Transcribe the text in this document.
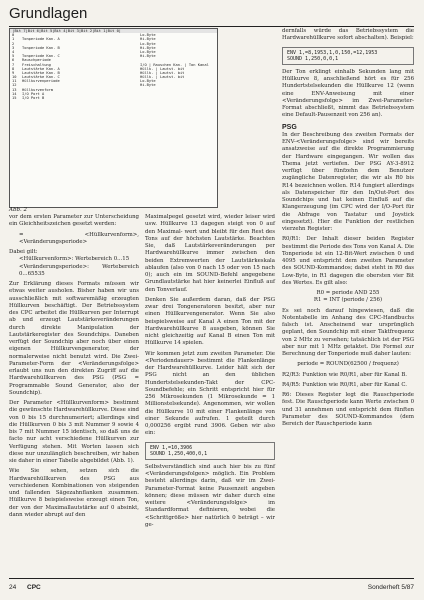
Grundlagen
|Bit 7|Bit 6|Bit 5|Bit 4|Bit 3|Bit 2|Bit 1|Bit 0|
0	Lo-Byte
1 Tonperiode Kan. A	Hi-Byte
2	Lo-Byte
3 Tonperiode Kan. B	Hi-Byte
4	Lo-Byte
5 Tonperiode Kan. C	Hi-Byte
6 Rauschperiode
7 Freischaltung	I/O | Rauschen Kan. | Ton Kanal
8 Lautstärke Kan. A	Hüllk. | Lautst. bit
9 Lautstärke Kan. B	Hüllk. | Lautst. bit
10 Lautstärke Kan. C	Hüllk. | Lautst. bit
11 Hüllkurvenperiode	Lo-Byte
12	Hi-Byte
13 Hüllkurvenform
14 I/O Port A
15 I/O Port B
Abb. 2

vor dem ersten Parameter zur Unterscheidung ein Gleichheitszeichen gesetzt werden:

= <Hüllkurvenform>, <Veränderungsperiode>

Dabei gilt:

<Hüllkurvenform>: Wertebereich 0...15

<Veränderungsperiode>: Wertebereich 0...65535

Zur Erklärung dieses Formats müssen wir etwas weiter ausholen. Bisher haben wir uns ausschließlich mit softwaremäßig erzeugten Hüllkurven beschäftigt. Der Betriebssystem des CPC arbeitet die Hüllkurven per Interrupt ab und erzeugt Lautstärkeveränderungen durch direkte Manipulation der Lautstärkeregister des Soundchips. Daneben verfügt der Soundchip aber noch über einen eigenen Hüllkurvengenerator, der normalerweise nicht benutzt wird. Die Zwei-Parameter-Form der <Veränderungsfolge> erlaubt uns nun den direkten Zugriff auf die Hardwarehüllkurven des PSG (PSG = Programmable Sound Generator, also der Soundchip).

Der Parameter <Hüllkurvenform> bestimmt die gewünschte Hardwarehüllkurve. Diese sind von 0 bis 15 durchnumeriert; allerdings sind die Hüllkurven 0 bis 3 mit Nummer 9 sowie 4 bis 7 mit Nummer 15 identisch, so daß uns de facto nur acht verschiedene Hüllkurven zur Verfügung stehen. Mit Worten lassen sich diese nur unzulänglich beschreiben, wir haben sie daher in einer Tabelle abgebildet (Abb. 1).

Wie Sie sehen, setzen sich die Hardwarehüllkurven des PSG aus verschiedenen Kombinationen von steigenden und fallenden Sägezahnflanken zusammen. Hüllkurve 8 beispielsweise erzeugt einen Ton, der von der Maximallautstärke auf 0 absinkt, dann wieder abrupt auf den

Maximalpegel gesetzt wird, wieder leiser wird usw. Hüllkurve 13 dagegen steigt von 0 auf den Maximal- wert und bleibt für den Rest des Tons auf der höchsten Lautstärke. Beachten Sie, daß Lautstärkeveränderungen per Hardwarehüllkurve immer zwischen den beiden Extremwerten der Lautstärkeskala ablaufen (also von 0 nach 15 oder von 15 nach 0); auch ein im SOUND-Befehl angegebene Grundlautstärke hat hier keinerlei Einfluß auf den Tonverlauf.

Denken Sie außerdem daran, daß der PSG zwar drei Tongeneratoren besitzt, aber nur einen Hüllkurvengenerator. Wenn Sie also beispielsweise auf Kanal A einen Ton mit der Hardwarehüllkurve 8 ausgeben, können Sie nicht gleichzeitig auf Kanal B einen Ton mit Hüllkurve 14 spielen.

Wir kommen jetzt zum zweiten Parameter. Die <Periodendauer> bestimmt die Flankenlänge der Hardwarehüllkurve. Leider hält sich der PSG nicht an den üblichen Hundertstelsekunden-Takt der CPC-Soundbefehle; ein Schritt entspricht hier für 256 Mikrosekunden (1 Mikrosekunde = 1 Millionstelsekunde). Angenommen, wir wollen die Hüllkurve 10 mit einer Flankenlänge von einer Sekunde aufrufen. 1 geteilt durch 0,000256 ergibt rund 3906. Geben wir also ein:

ENV 1,=10,3906
SOUND 1,250,400,0,1

Selbstverständlich sind auch hier bis zu fünf <Veränderungsfolgen> möglich. Ein Problem besteht allerdings darin, daß wir im Zwei-Parameter-Format keine Pausenzeit angeben können; diese müssen wir daher durch eine weitere <Veränderungsfolge> im Standardformat definieren, wobei die <Schrittgröße> hier natürlich 0 beträgt – wir ge-

dernfalls würde das Betriebssystem die Hardwarehüllkurve sofort abschalten). Beispiel:

ENV 1,=8,1953,1,0,150,=12,1953
SOUND 1,250,0,0,1

Der Ton erklingt einhalb Sekunden lang mit Hüllkurve 8, anschließend hört es für 256 Hundertstelsekunden die Hüllkurve 12 (wenn eine ENV-Anweisung mit einer <Veränderungsfolge> im Zwei-Parameter-Format abschließt, nimmt das Betriebssystem eine Default-Pausenzeit von 256 an).

PSG

In der Beschreibung des zweiten Formats der ENV-<Veränderungsfolge> sind wir bereits ansatzweise auf die direkte Programmierung der Hardware eingegangen. Wir wollen das Thema jetzt vertiefen. Der PSG AY-3-8912 verfügt über fünfzehn dem Benutzer zugängliche Datenregister, die wir als R0 bis R14 bezeichnen wollen. R14 fungiert allerdings als Datenspeicher für den In/Out-Port des Soundchips und hat keinen Einfluß auf die Klangerzeugung (im CPC wird der I/O-Port für die Abfrage von Tastatur und Joystick eingesetzt). Hier die Funktion der restlichen vierzehn Register:

R0/R1: Der Inhalt dieser beiden Register bestimmt die Periode des Tons von Kanal A. Die Tonperiode ist ein 12-Bit-Wert zwischen 0 und 4095 und entspricht dem zweiten Parameter des SOUND-Kommandos; dabei steht in R0 das Low-Byte, in R1 dagegen die obersten vier Bit des Wertes. Es gilt also:

R0 = periode AND 255

R1 = INT (periode / 256)

Es sei noch darauf hingewiesen, daß die Notentabelle im Anhang des CPC-Handbuchs falsch ist. Anscheinend war ursprünglich geplant, den Soundchip mit einer Taktfrequenz von 2 MHz zu versehen; tatsächlich ist der PSG aber nur mit 1 MHz getaktet. Die Formel zur Berechnung der Tonperiode muß daher lauten:

periode = ROUND(62500 / frequenz)

R2/R3: Funktion wie R0/R1, aber für Kanal B.

R4/R5: Funktion wie R0/R1, aber für Kanal C.

R6: Dieses Register legt die Rauschperiode fest. Die Rauschperiode kann Werte zwischen 0 und 31 annehmen und entspricht dem fünften Parameter des SOUND-Kommandos (dem Bereich der Rauschperiode kann

24 CPC	Sonderheft 5/87
